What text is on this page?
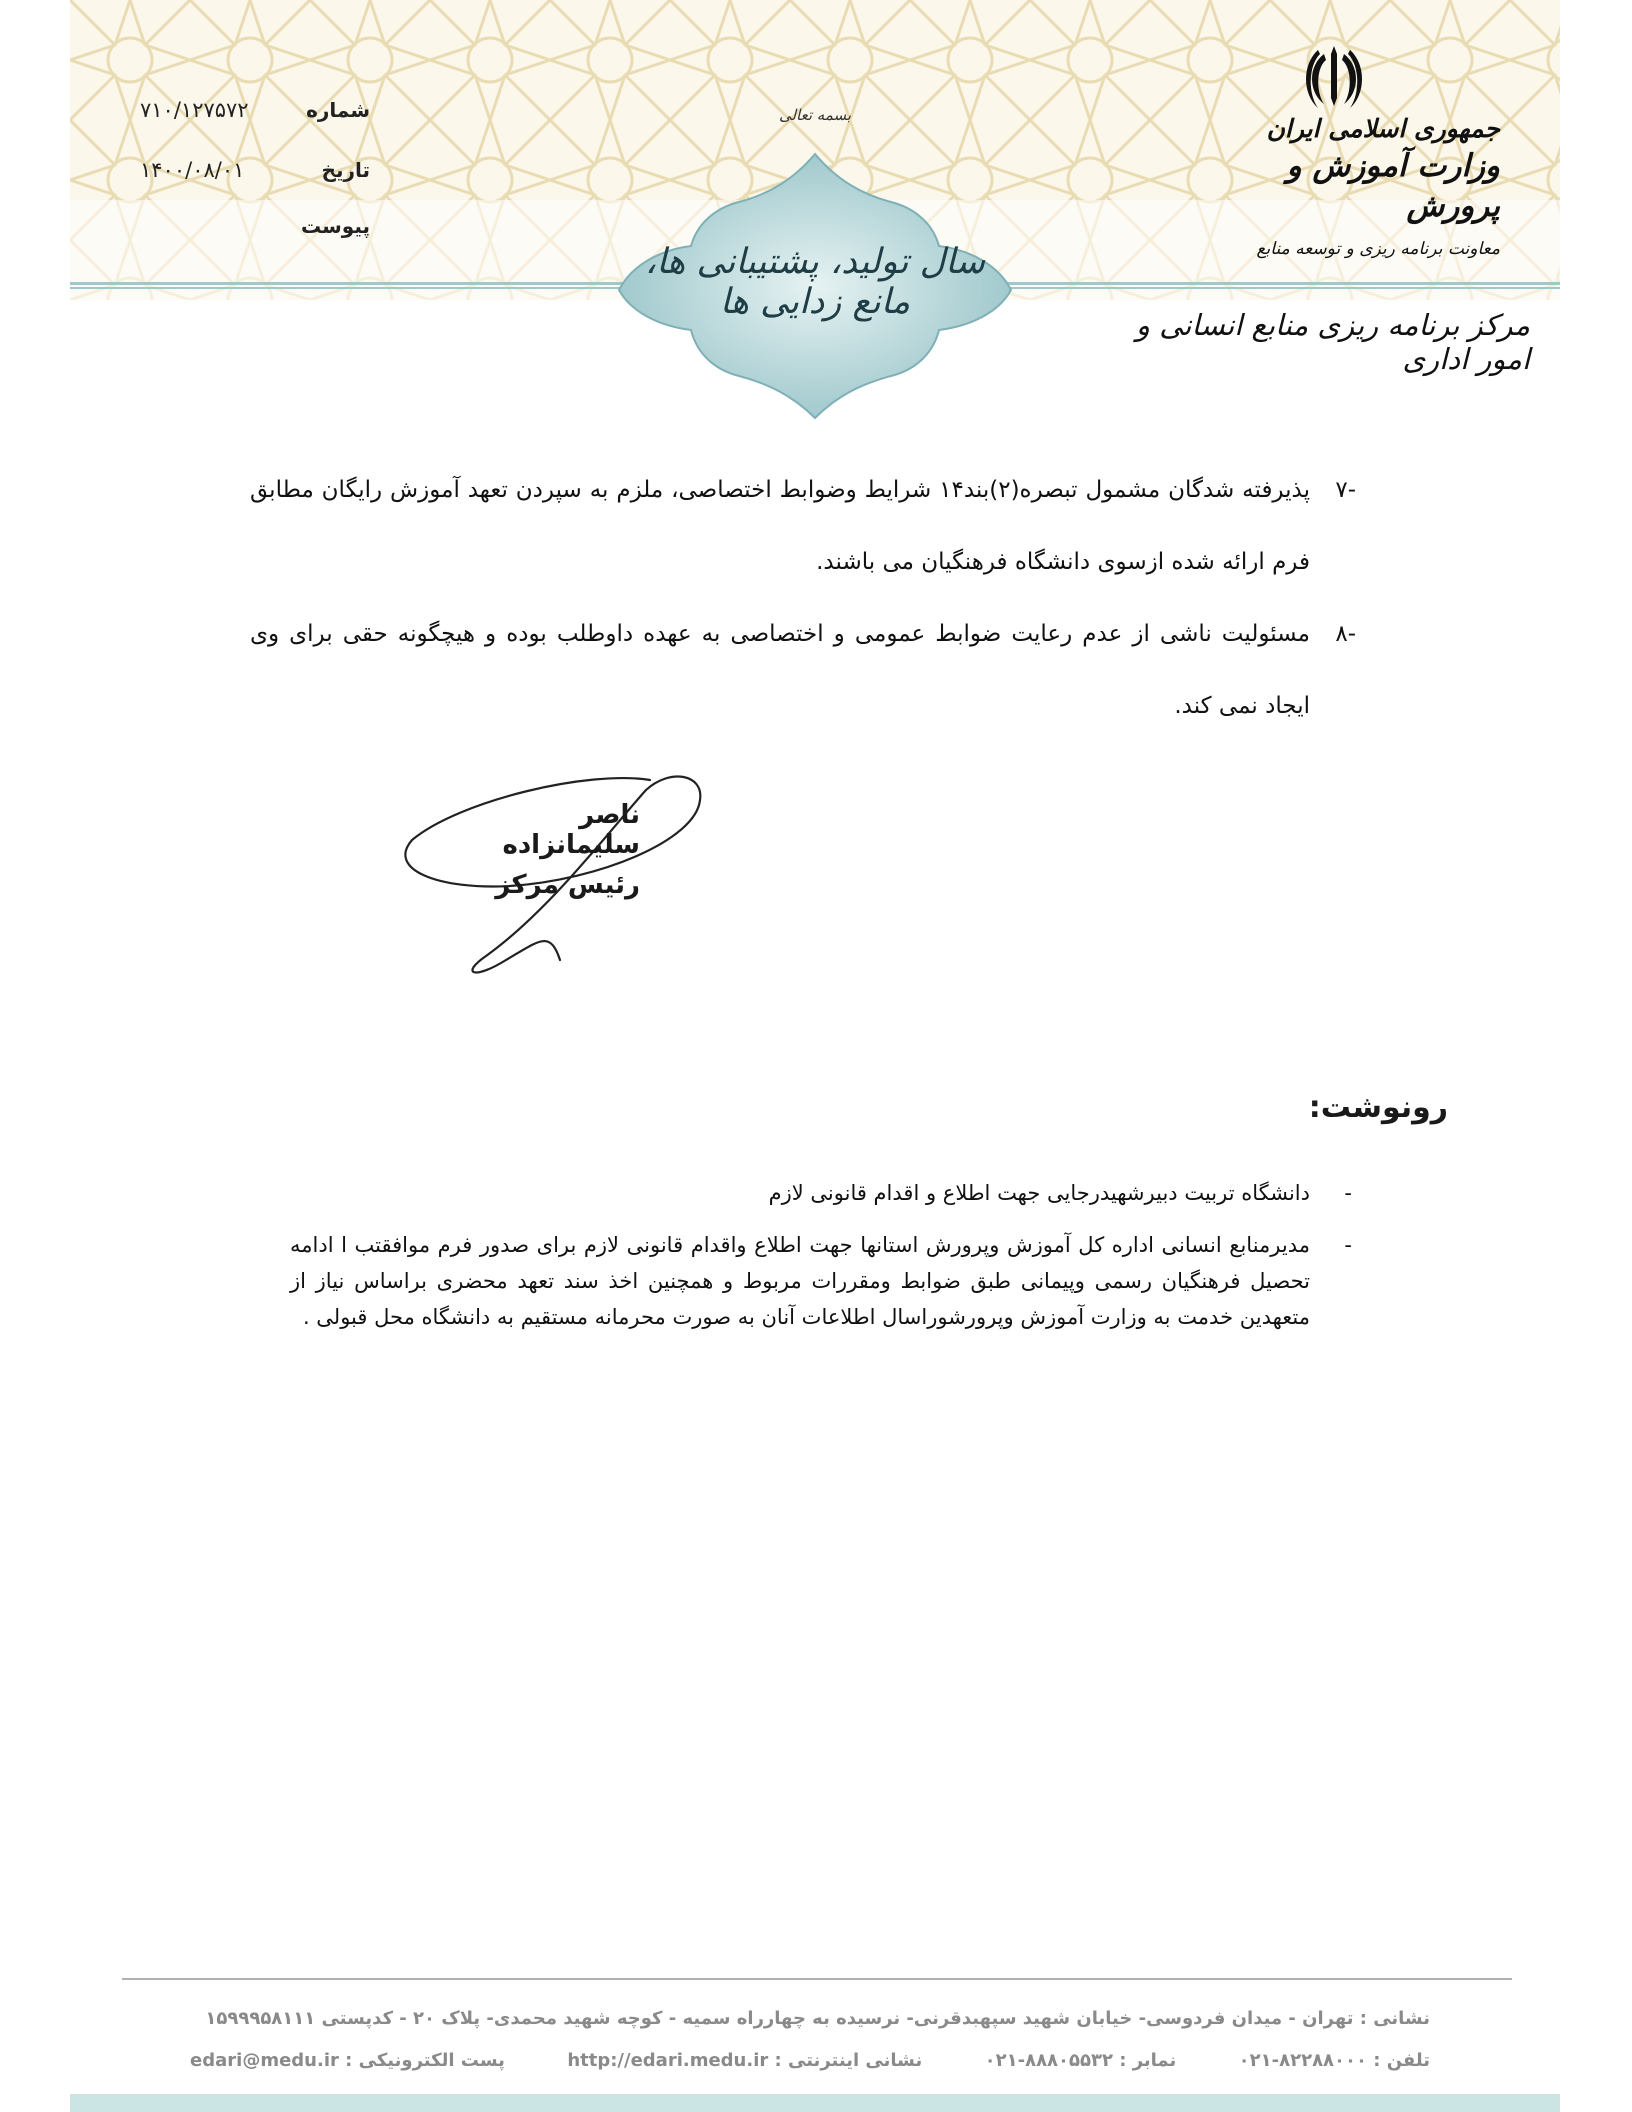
بسمه تعالی
سال تولید، پشتیبانی ها، مانع زدایی ها
جمهوری اسلامی ایران
وزارت آموزش و پرورش
معاونت برنامه ریزی و توسعه منابع
مرکز برنامه ریزی منابع انسانی و امور اداری
۷۱۰/۱۲۷۵۷۲	شماره
۱۴۰۰/۰۸/۰۱	تاریخ
پیوست
-۷
پذیرفته شدگان مشمول تبصره(۲)بند۱۴ شرایط وضوابط اختصاصی، ملزم به سپردن تعهد آموزش رایگان مطابق فرم ارائه شده ازسوی دانشگاه فرهنگیان می باشند.
-۸
مسئولیت ناشی از عدم رعایت ضوابط عمومی و اختصاصی به عهده داوطلب بوده و هیچگونه حقی برای وی ایجاد نمی کند.
ناصر سلیمانزاده
رئیس مرکز
رونوشت:
-
دانشگاه تربیت دبیرشهیدرجایی جهت اطلاع و اقدام قانونی لازم
-
مدیرمنابع انسانی اداره کل آموزش وپرورش استانها جهت اطلاع واقدام قانونی لازم برای صدور فرم موافقتب ا ادامه تحصیل فرهنگیان رسمی وپیمانی طبق ضوابط ومقررات مربوط و همچنین اخذ سند تعهد محضری براساس نیاز از متعهدین خدمت به وزارت آموزش وپرورشوراسال اطلاعات آنان به صورت محرمانه مستقیم به دانشگاه محل قبولی .
نشانی : تهران - میدان فردوسی- خیابان شهید سپهبدقرنی- نرسیده به چهارراه سمیه - کوچه شهید محمدی- پلاک ۲۰ - کدپستی ۱۵۹۹۹۵۸۱۱۱
تلفن : ۸۲۲۸۸۰۰۰-۰۲۱
نمابر : ۸۸۸۰۵۵۳۲-۰۲۱
نشانی اینترنتی : http://edari.medu.ir
پست الکترونیکی : edari@medu.ir
